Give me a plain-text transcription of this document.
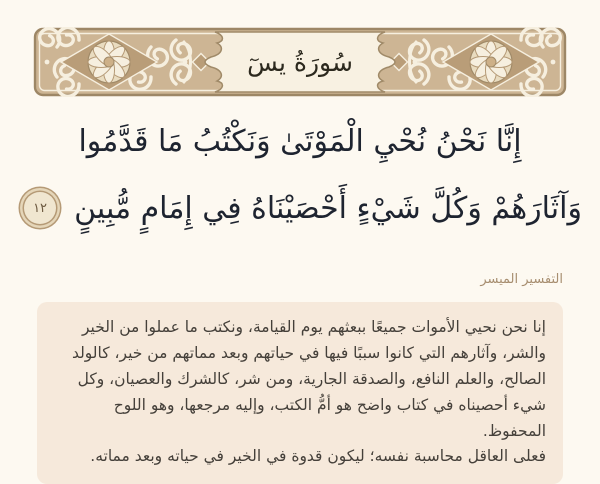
سُورَةُ يسٓ
إِنَّا نَحْنُ نُحْيِ الْمَوْتَىٰ وَنَكْتُبُ مَا قَدَّمُوا
وَآثَارَهُمْ وَكُلَّ شَيْءٍ أَحْصَيْنَاهُ فِي إِمَامٍ مُّبِينٍ
١٢
التفسير الميسر

إنا نحن نحيي الأموات جميعًا ببعثهم يوم القيامة، ونكتب ما عملوا من الخير والشر، وآثارهم التي كانوا سببًا فيها في حياتهم وبعد مماتهم من خير، كالولد الصالح، والعلم النافع، والصدقة الجارية، ومن شر، كالشرك والعصيان، وكل شيء أحصيناه في كتاب واضح هو أمُّ الكتب، وإليه مرجعها، وهو اللوح المحفوظ.

فعلى العاقل محاسبة نفسه؛ ليكون قدوة في الخير في حياته وبعد مماته.
